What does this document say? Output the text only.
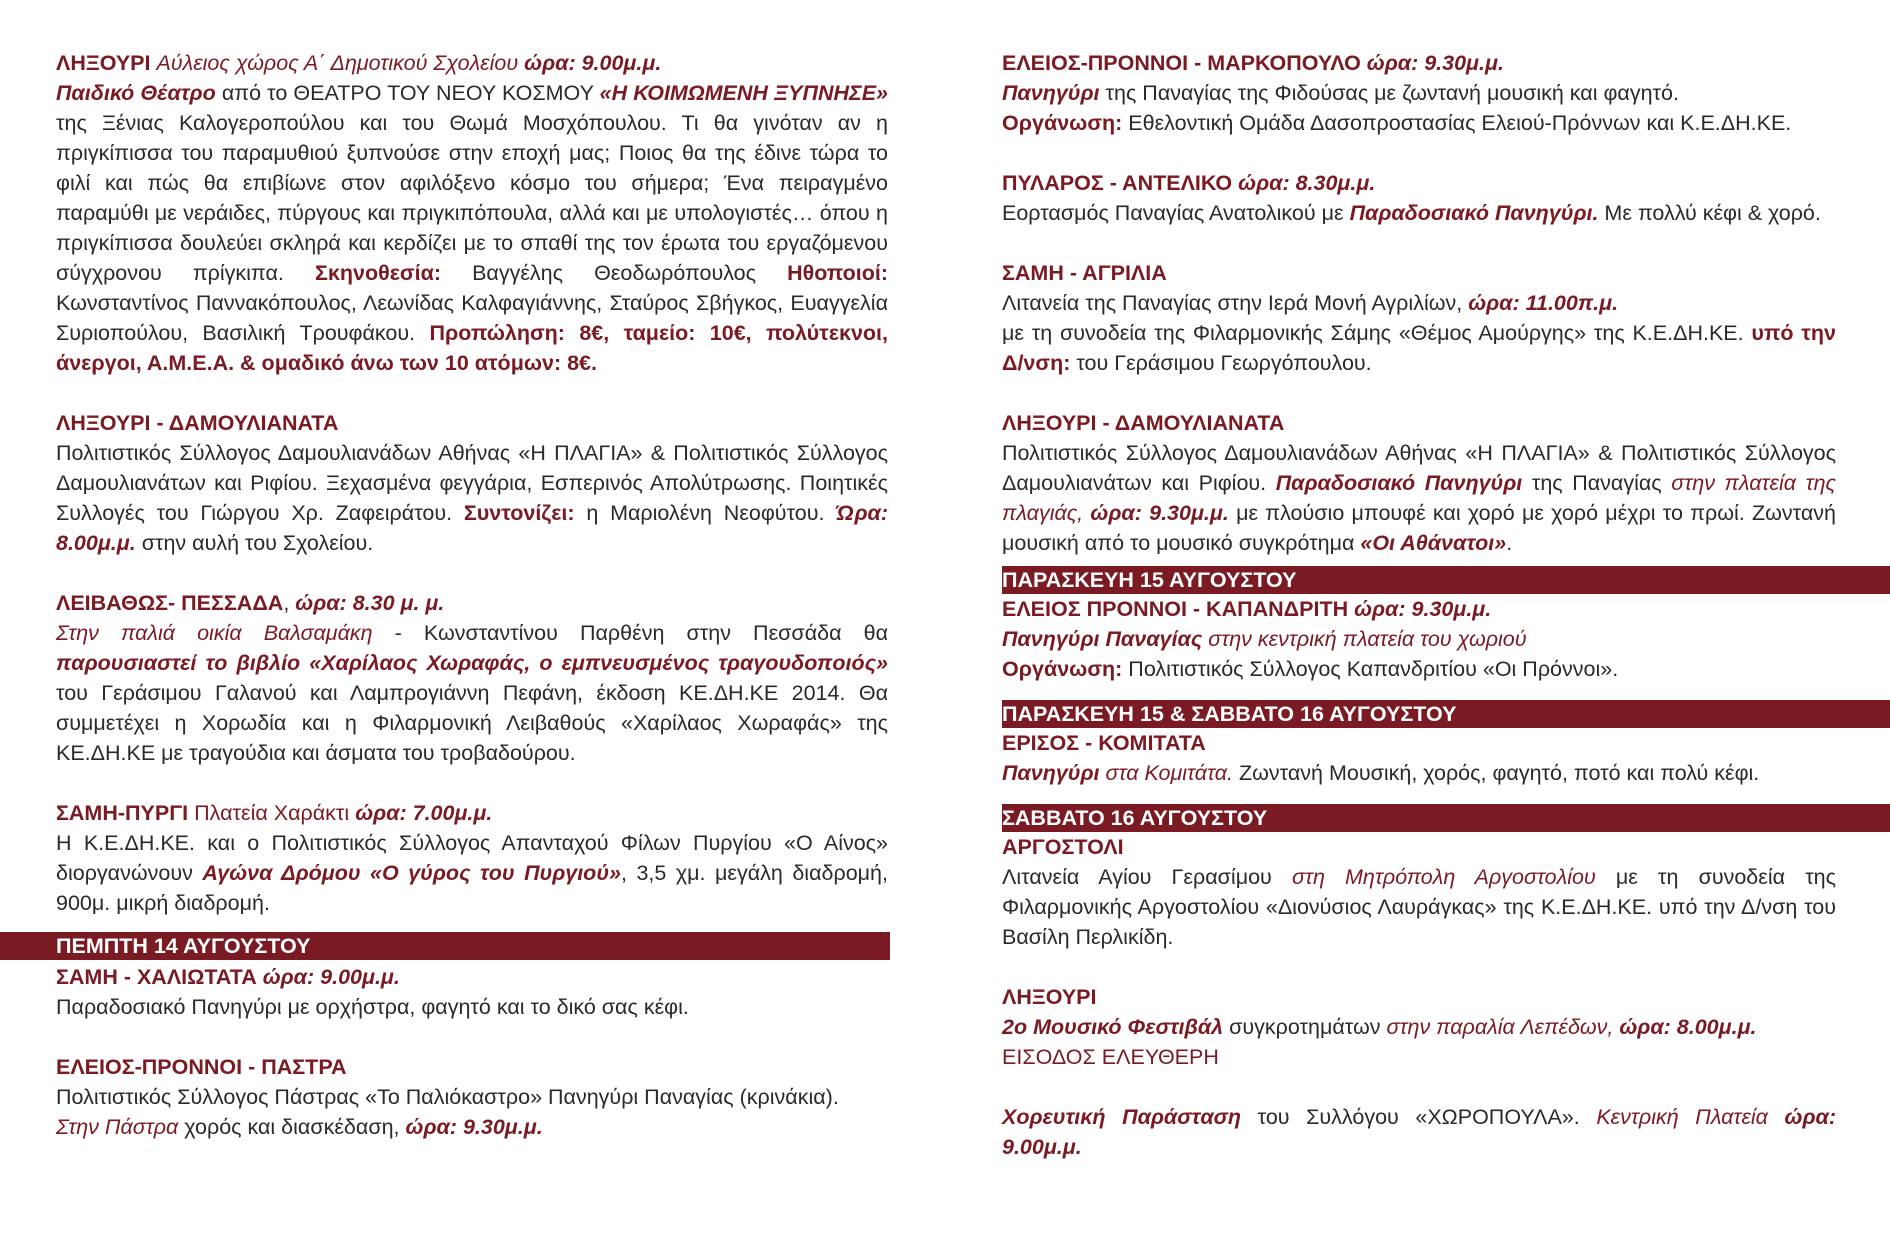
ΛΗΞΟΥΡΙ Αύλειος χώρος Α΄ Δημοτικού Σχολείου ώρα: 9.00μ.μ.

Παιδικό Θέατρο από το ΘΕΑΤΡΟ ΤΟΥ ΝΕΟΥ ΚΟΣΜΟΥ «Η ΚΟΙΜΩΜΕΝΗ ΞΥΠΝΗΣΕ» της Ξένιας Καλογεροπούλου και του Θωμά Μοσχόπουλου. Τι θα γινόταν αν η πριγκίπισσα του παραμυθιού ξυπνούσε στην εποχή μας; Ποιος θα της έδινε τώρα το φιλί και πώς θα επιβίωνε στον αφιλόξενο κόσμο του σήμερα; Ένα πειραγμένο παραμύθι με νεράιδες, πύργους και πριγκιπόπουλα, αλλά και με υπολογιστές… όπου η πριγκίπισσα δουλεύει σκληρά και κερδίζει με το σπαθί της τον έρωτα του εργαζόμενου σύγχρονου πρίγκιπα. Σκηνοθεσία: Βαγγέλης Θεοδωρόπουλος Ηθοποιοί: Κωνσταντίνος Παννακόπουλος, Λεωνίδας Καλφαγιάννης, Σταύρος Σβήγκος, Ευαγγελία Συριοπούλου, Βασιλική Τρουφάκου. Προπώληση: 8€, ταμείο: 10€, πολύτεκνοι, άνεργοι, Α.Μ.Ε.Α. & ομαδικό άνω των 10 ατόμων: 8€.

ΛΗΞΟΥΡΙ - ΔΑΜΟΥΛΙΑΝΑΤΑ

Πολιτιστικός Σύλλογος Δαμουλιανάδων Αθήνας «Η ΠΛΑΓΙΑ» & Πολιτιστικός Σύλλογος Δαμουλιανάτων και Ριφίου. Ξεχασμένα φεγγάρια, Εσπερινός Απολύτρωσης. Ποιητικές Συλλογές του Γιώργου Χρ. Ζαφειράτου. Συντονίζει: η Μαριολένη Νεοφύτου. Ώρα: 8.00μ.μ. στην αυλή του Σχολείου.

ΛΕΙΒΑΘΩΣ- ΠΕΣΣΑΔΑ, ώρα: 8.30 μ. μ.

Στην παλιά οικία Βαλσαμάκη - Κωνσταντίνου Παρθένη στην Πεσσάδα θα παρουσιαστεί το βιβλίο «Χαρίλαος Χωραφάς, ο εμπνευσμένος τραγουδοποιός» του Γεράσιμου Γαλανού και Λαμπρογιάννη Πεφάνη, έκδοση ΚΕ.ΔΗ.ΚΕ 2014. Θα συμμετέχει η Χορωδία και η Φιλαρμονική Λειβαθούς «Χαρίλαος Χωραφάς» της ΚΕ.ΔΗ.ΚΕ με τραγούδια και άσματα του τροβαδούρου.

ΣΑΜΗ-ΠΥΡΓΙ Πλατεία Χαράκτι ώρα: 7.00μ.μ.

Η Κ.Ε.ΔΗ.ΚΕ. και ο Πολιτιστικός Σύλλογος Απανταχού Φίλων Πυργίου «Ο Αίνος» διοργανώνουν Αγώνα Δρόμου «Ο γύρος του Πυργιού», 3,5 χμ. μεγάλη διαδρομή, 900μ. μικρή διαδρομή.

ΠΕΜΠΤΗ 14 ΑΥΓΟΥΣΤΟΥ

ΣΑΜΗ - ΧΑΛΙΩΤΑΤΑ ώρα: 9.00μ.μ.

Παραδοσιακό Πανηγύρι με ορχήστρα, φαγητό και το δικό σας κέφι.

ΕΛΕΙΟΣ-ΠΡΟΝΝΟΙ - ΠΑΣΤΡΑ

Πολιτιστικός Σύλλογος Πάστρας «Το Παλιόκαστρο» Πανηγύρι Παναγίας (κρινάκια).

Στην Πάστρα χορός και διασκέδαση, ώρα: 9.30μ.μ.

ΕΛΕΙΟΣ-ΠΡΟΝΝΟΙ - ΜΑΡΚΟΠΟΥΛΟ ώρα: 9.30μ.μ.

Πανηγύρι της Παναγίας της Φιδούσας με ζωντανή μουσική και φαγητό.

Οργάνωση: Εθελοντική Ομάδα Δασοπροστασίας Ελειού-Πρόννων και Κ.Ε.ΔΗ.ΚΕ.

ΠΥΛΑΡΟΣ - ΑΝΤΕΛΙΚΟ ώρα: 8.30μ.μ.

Εορτασμός Παναγίας Ανατολικού με Παραδοσιακό Πανηγύρι. Με πολλύ κέφι & χορό.

ΣΑΜΗ - ΑΓΡΙΛΙΑ

Λιτανεία της Παναγίας στην Ιερά Μονή Αγριλίων, ώρα: 11.00π.μ.

με τη συνοδεία της Φιλαρμονικής Σάμης «Θέμος Αμούργης» της Κ.Ε.ΔΗ.ΚΕ. υπό την Δ/νση: του Γεράσιμου Γεωργόπουλου.

ΛΗΞΟΥΡΙ - ΔΑΜΟΥΛΙΑΝΑΤΑ

Πολιτιστικός Σύλλογος Δαμουλιανάδων Αθήνας «Η ΠΛΑΓΙΑ» & Πολιτιστικός Σύλλογος Δαμουλιανάτων και Ριφίου. Παραδοσιακό Πανηγύρι της Παναγίας στην πλατεία της πλαγιάς, ώρα: 9.30μ.μ. με πλούσιο μπουφέ και χορό με χορό μέχρι το πρωί. Ζωντανή μουσική από το μουσικό συγκρότημα «Οι Αθάνατοι».

ΠΑΡΑΣΚΕΥΗ 15 ΑΥΓΟΥΣΤΟΥ

ΕΛΕΙΟΣ ΠΡΟΝΝΟΙ - ΚΑΠΑΝΔΡΙΤΗ ώρα: 9.30μ.μ.

Πανηγύρι Παναγίας στην κεντρική πλατεία του χωριού

Οργάνωση: Πολιτιστικός Σύλλογος Καπανδριτίου «Οι Πρόννοι».

ΠΑΡΑΣΚΕΥΗ 15 & ΣΑΒΒΑΤΟ 16 ΑΥΓΟΥΣΤΟΥ

ΕΡΙΣΟΣ - ΚΟΜΙΤΑΤΑ

Πανηγύρι στα Κομιτάτα. Ζωντανή Μουσική, χορός, φαγητό, ποτό και πολύ κέφι.

ΣΑΒΒΑΤΟ 16 ΑΥΓΟΥΣΤΟΥ

ΑΡΓΟΣΤΟΛΙ

Λιτανεία Αγίου Γερασίμου στη Μητρόπολη Αργοστολίου με τη συνοδεία της Φιλαρμονικής Αργοστολίου «Διονύσιος Λαυράγκας» της Κ.Ε.ΔΗ.ΚΕ. υπό την Δ/νση του Βασίλη Περλικίδη.

ΛΗΞΟΥΡΙ

2ο Μουσικό Φεστιβάλ συγκροτημάτων στην παραλία Λεπέδων, ώρα: 8.00μ.μ.

ΕΙΣΟΔΟΣ ΕΛΕΥΘΕΡΗ

Χορευτική Παράσταση του Συλλόγου «ΧΩΡΟΠΟΥΛΑ». Κεντρική Πλατεία ώρα: 9.00μ.μ.
